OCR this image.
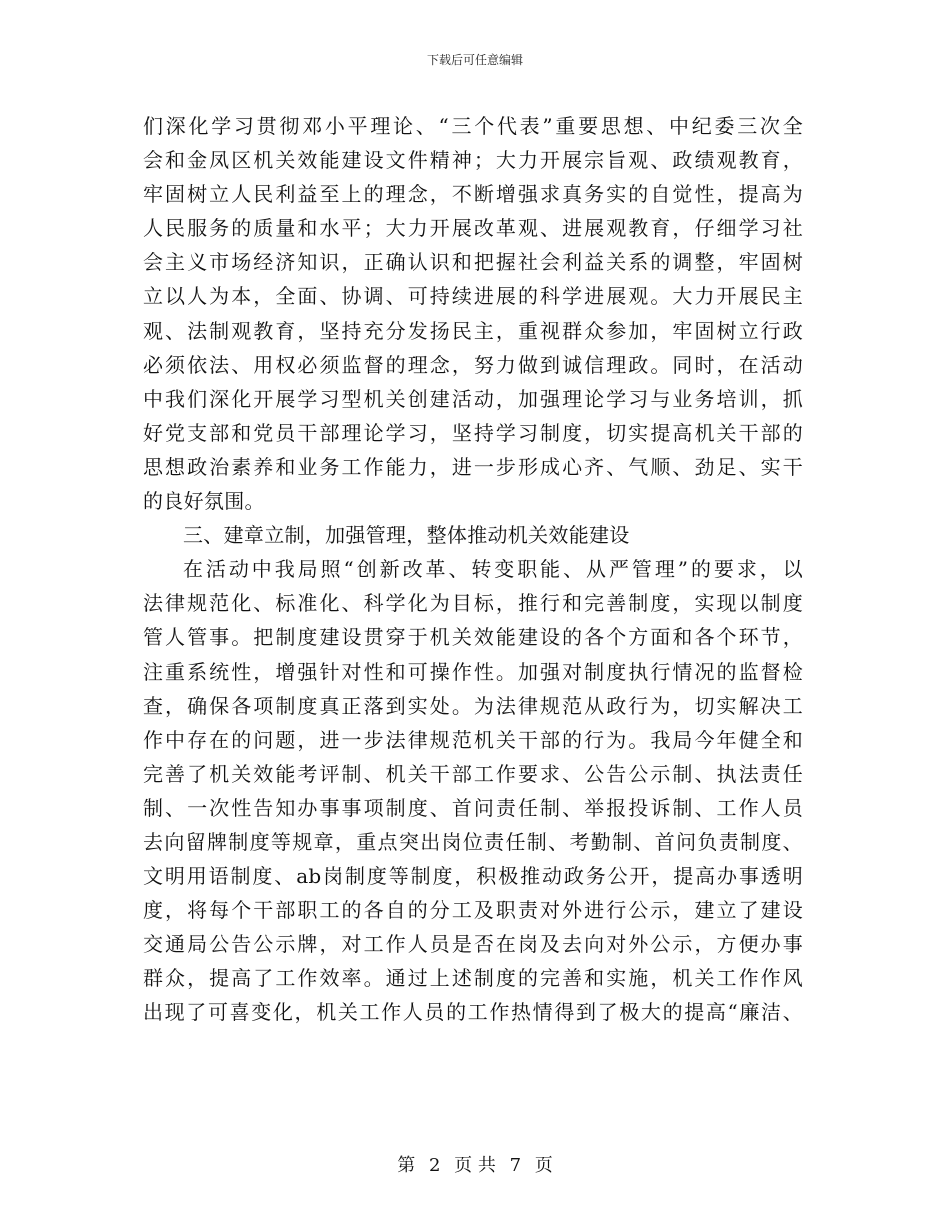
下载后可任意编辑
们深化学习贯彻邓小平理论、“三个代表”重要思想、中纪委三次全
会和金凤区机关效能建设文件精神；大力开展宗旨观、政绩观教育，
牢固树立人民利益至上的理念，不断增强求真务实的自觉性，提高为
人民服务的质量和水平；大力开展改革观、进展观教育，仔细学习社
会主义市场经济知识，正确认识和把握社会利益关系的调整，牢固树
立以人为本，全面、协调、可持续进展的科学进展观。大力开展民主
观、法制观教育，坚持充分发扬民主，重视群众参加，牢固树立行政
必须依法、用权必须监督的理念，努力做到诚信理政。同时，在活动
中我们深化开展学习型机关创建活动，加强理论学习与业务培训，抓
好党支部和党员干部理论学习，坚持学习制度，切实提高机关干部的
思想政治素养和业务工作能力，进一步形成心齐、气顺、劲足、实干
的良好氛围。
三、建章立制，加强管理，整体推动机关效能建设
在活动中我局照“创新改革、转变职能、从严管理”的要求，以
法律规范化、标准化、科学化为目标，推行和完善制度，实现以制度
管人管事。把制度建设贯穿于机关效能建设的各个方面和各个环节，
注重系统性，增强针对性和可操作性。加强对制度执行情况的监督检
查，确保各项制度真正落到实处。为法律规范从政行为，切实解决工
作中存在的问题，进一步法律规范机关干部的行为。我局今年健全和
完善了机关效能考评制、机关干部工作要求、公告公示制、执法责任
制、一次性告知办事事项制度、首问责任制、举报投诉制、工作人员
去向留牌制度等规章，重点突出岗位责任制、考勤制、首问负责制度、
文明用语制度、ab岗制度等制度，积极推动政务公开，提高办事透明
度，将每个干部职工的各自的分工及职责对外进行公示，建立了建设
交通局公告公示牌，对工作人员是否在岗及去向对外公示，方便办事
群众，提高了工作效率。通过上述制度的完善和实施，机关工作作风
出现了可喜变化，机关工作人员的工作热情得到了极大的提高“廉洁、
第 2 页 共 7 页
